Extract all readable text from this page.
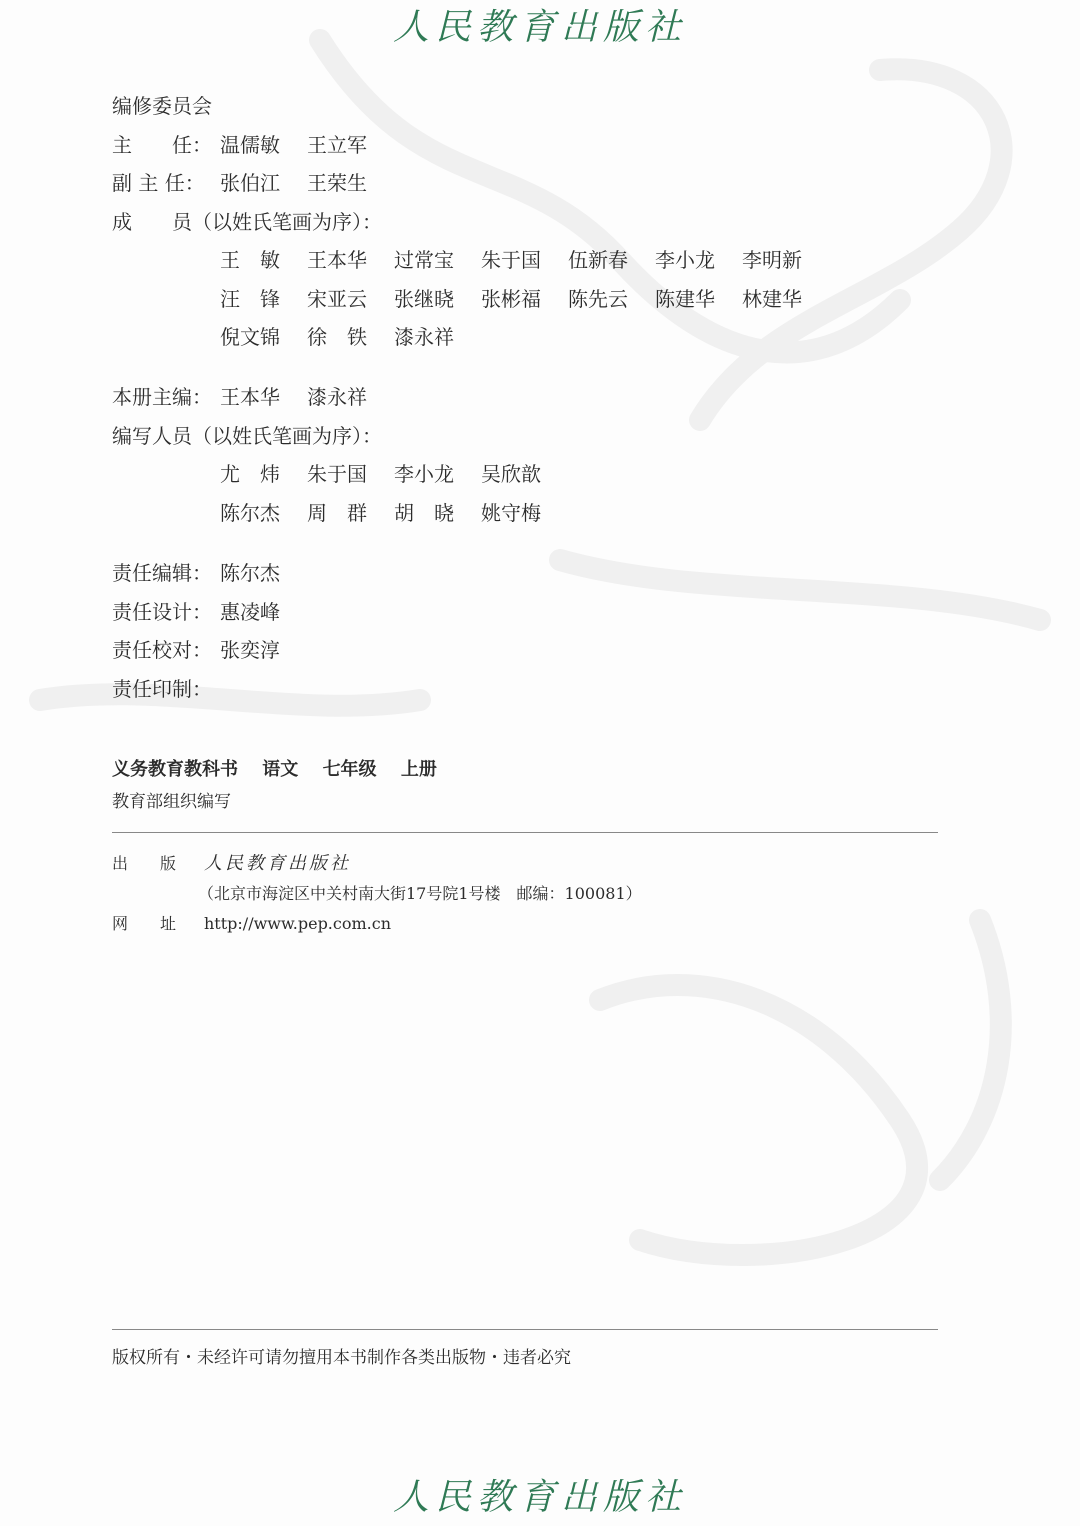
人民教育出版社
编修委员会
主　　任： 温儒敏	王立军
副 主 任： 张伯江	王荣生
成　　员（以姓氏笔画为序）：
王　敏	王本华	过常宝	朱于国	伍新春	李小龙	李明新
汪　锋	宋亚云	张继晓	张彬福	陈先云	陈建华	林建华
倪文锦	徐　铁	漆永祥
本册主编： 王本华	漆永祥
编写人员（以姓氏笔画为序）：
尤　炜	朱于国	李小龙	吴欣歆
陈尔杰	周　群	胡　晓	姚守梅
责任编辑： 陈尔杰
责任设计： 惠凌峰
责任校对： 张奕淳
责任印制：
义务教育教科书 语文 七年级 上册
教育部组织编写
出　　版 人民教育出版社
（北京市海淀区中关村南大街17号院1号楼　邮编：100081）
网　　址 http://www.pep.com.cn
版权所有・未经许可请勿擅用本书制作各类出版物・违者必究
人民教育出版社
